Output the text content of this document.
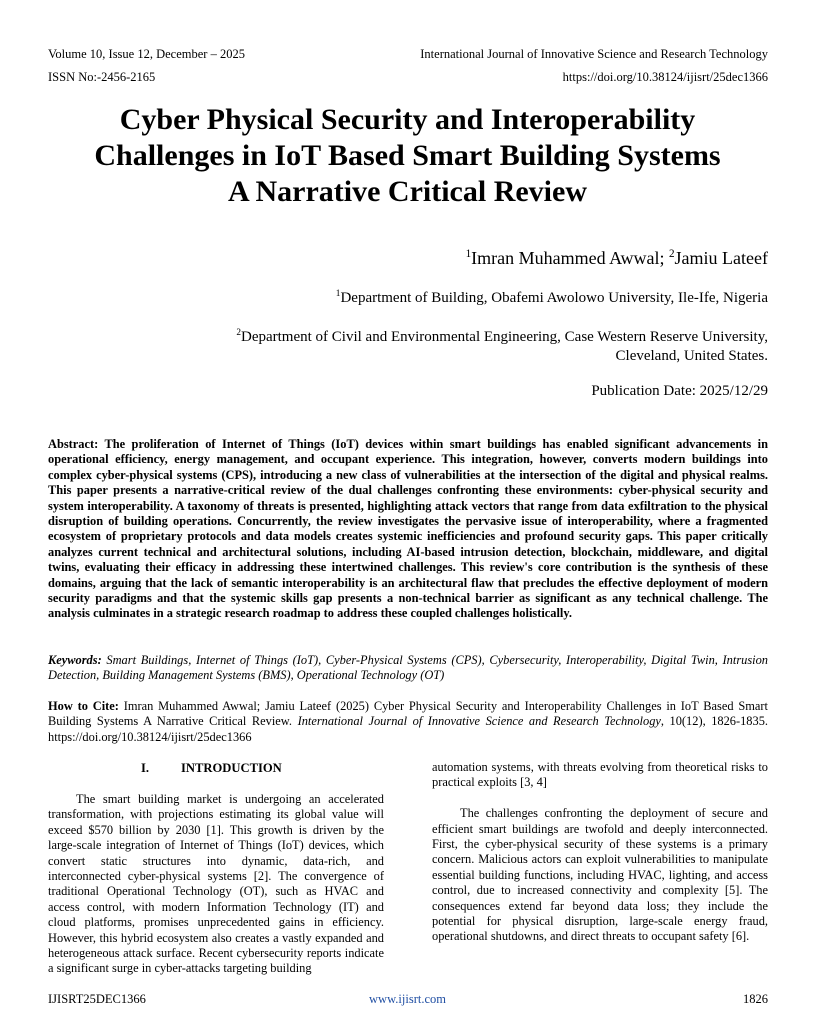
Volume 10, Issue 12, December – 2025	International Journal of Innovative Science and Research Technology
ISSN No:-2456-2165	https://doi.org/10.38124/ijisrt/25dec1366
Cyber Physical Security and Interoperability
Challenges in IoT Based Smart Building Systems
A Narrative Critical Review
$^1$Imran Muhammed Awwal; $^2$Jamiu Lateef
$^1$Department of Building, Obafemi Awolowo University, Ile-Ife, Nigeria
$^2$Department of Civil and Environmental Engineering, Case Western Reserve University,
Cleveland, United States.
Publication Date: 2025/12/29

Abstract: The proliferation of Internet of Things (IoT) devices within smart buildings has enabled significant advancements in operational efficiency, energy management, and occupant experience. This integration, however, converts modern buildings into complex cyber-physical systems (CPS), introducing a new class of vulnerabilities at the intersection of the digital and physical realms. This paper presents a narrative-critical review of the dual challenges confronting these environments: cyber-physical security and system interoperability. A taxonomy of threats is presented, highlighting attack vectors that range from data exfiltration to the physical disruption of building operations. Concurrently, the review investigates the pervasive issue of interoperability, where a fragmented ecosystem of proprietary protocols and data models creates systemic inefficiencies and profound security gaps. This paper critically analyzes current technical and architectural solutions, including AI-based intrusion detection, blockchain, middleware, and digital twins, evaluating their efficacy in addressing these intertwined challenges. This review's core contribution is the synthesis of these domains, arguing that the lack of semantic interoperability is an architectural flaw that precludes the effective deployment of modern security paradigms and that the systemic skills gap presents a non-technical barrier as significant as any technical challenge. The analysis culminates in a strategic research roadmap to address these coupled challenges holistically.

Keywords: Smart Buildings, Internet of Things (IoT), Cyber-Physical Systems (CPS), Cybersecurity, Interoperability, Digital Twin, Intrusion Detection, Building Management Systems (BMS), Operational Technology (OT)

How to Cite: Imran Muhammed Awwal; Jamiu Lateef (2025) Cyber Physical Security and Interoperability Challenges in IoT Based Smart Building Systems A Narrative Critical Review. International Journal of Innovative Science and Research Technology, 10(12), 1826-1835. https://doi.org/10.38124/ijisrt/25dec1366

I.	INTRODUCTION

The smart building market is undergoing an accelerated transformation, with projections estimating its global value will exceed $570 billion by 2030 [1]. This growth is driven by the large-scale integration of Internet of Things (IoT) devices, which convert static structures into dynamic, data-rich, and interconnected cyber-physical systems [2]. The convergence of traditional Operational Technology (OT), such as HVAC and access control, with modern Information Technology (IT) and cloud platforms, promises unprecedented gains in efficiency. However, this hybrid ecosystem also creates a vastly expanded and heterogeneous attack surface. Recent cybersecurity reports indicate a significant surge in cyber-attacks targeting building

automation systems, with threats evolving from theoretical risks to practical exploits [3, 4]

The challenges confronting the deployment of secure and efficient smart buildings are twofold and deeply interconnected. First, the cyber-physical security of these systems is a primary concern. Malicious actors can exploit vulnerabilities to manipulate essential building functions, including HVAC, lighting, and access control, due to increased connectivity and complexity [5]. The consequences extend far beyond data loss; they include the potential for physical disruption, large-scale energy fraud, operational shutdowns, and direct threats to occupant safety [6].

IJISRT25DEC1366	www.ijisrt.com	1826
